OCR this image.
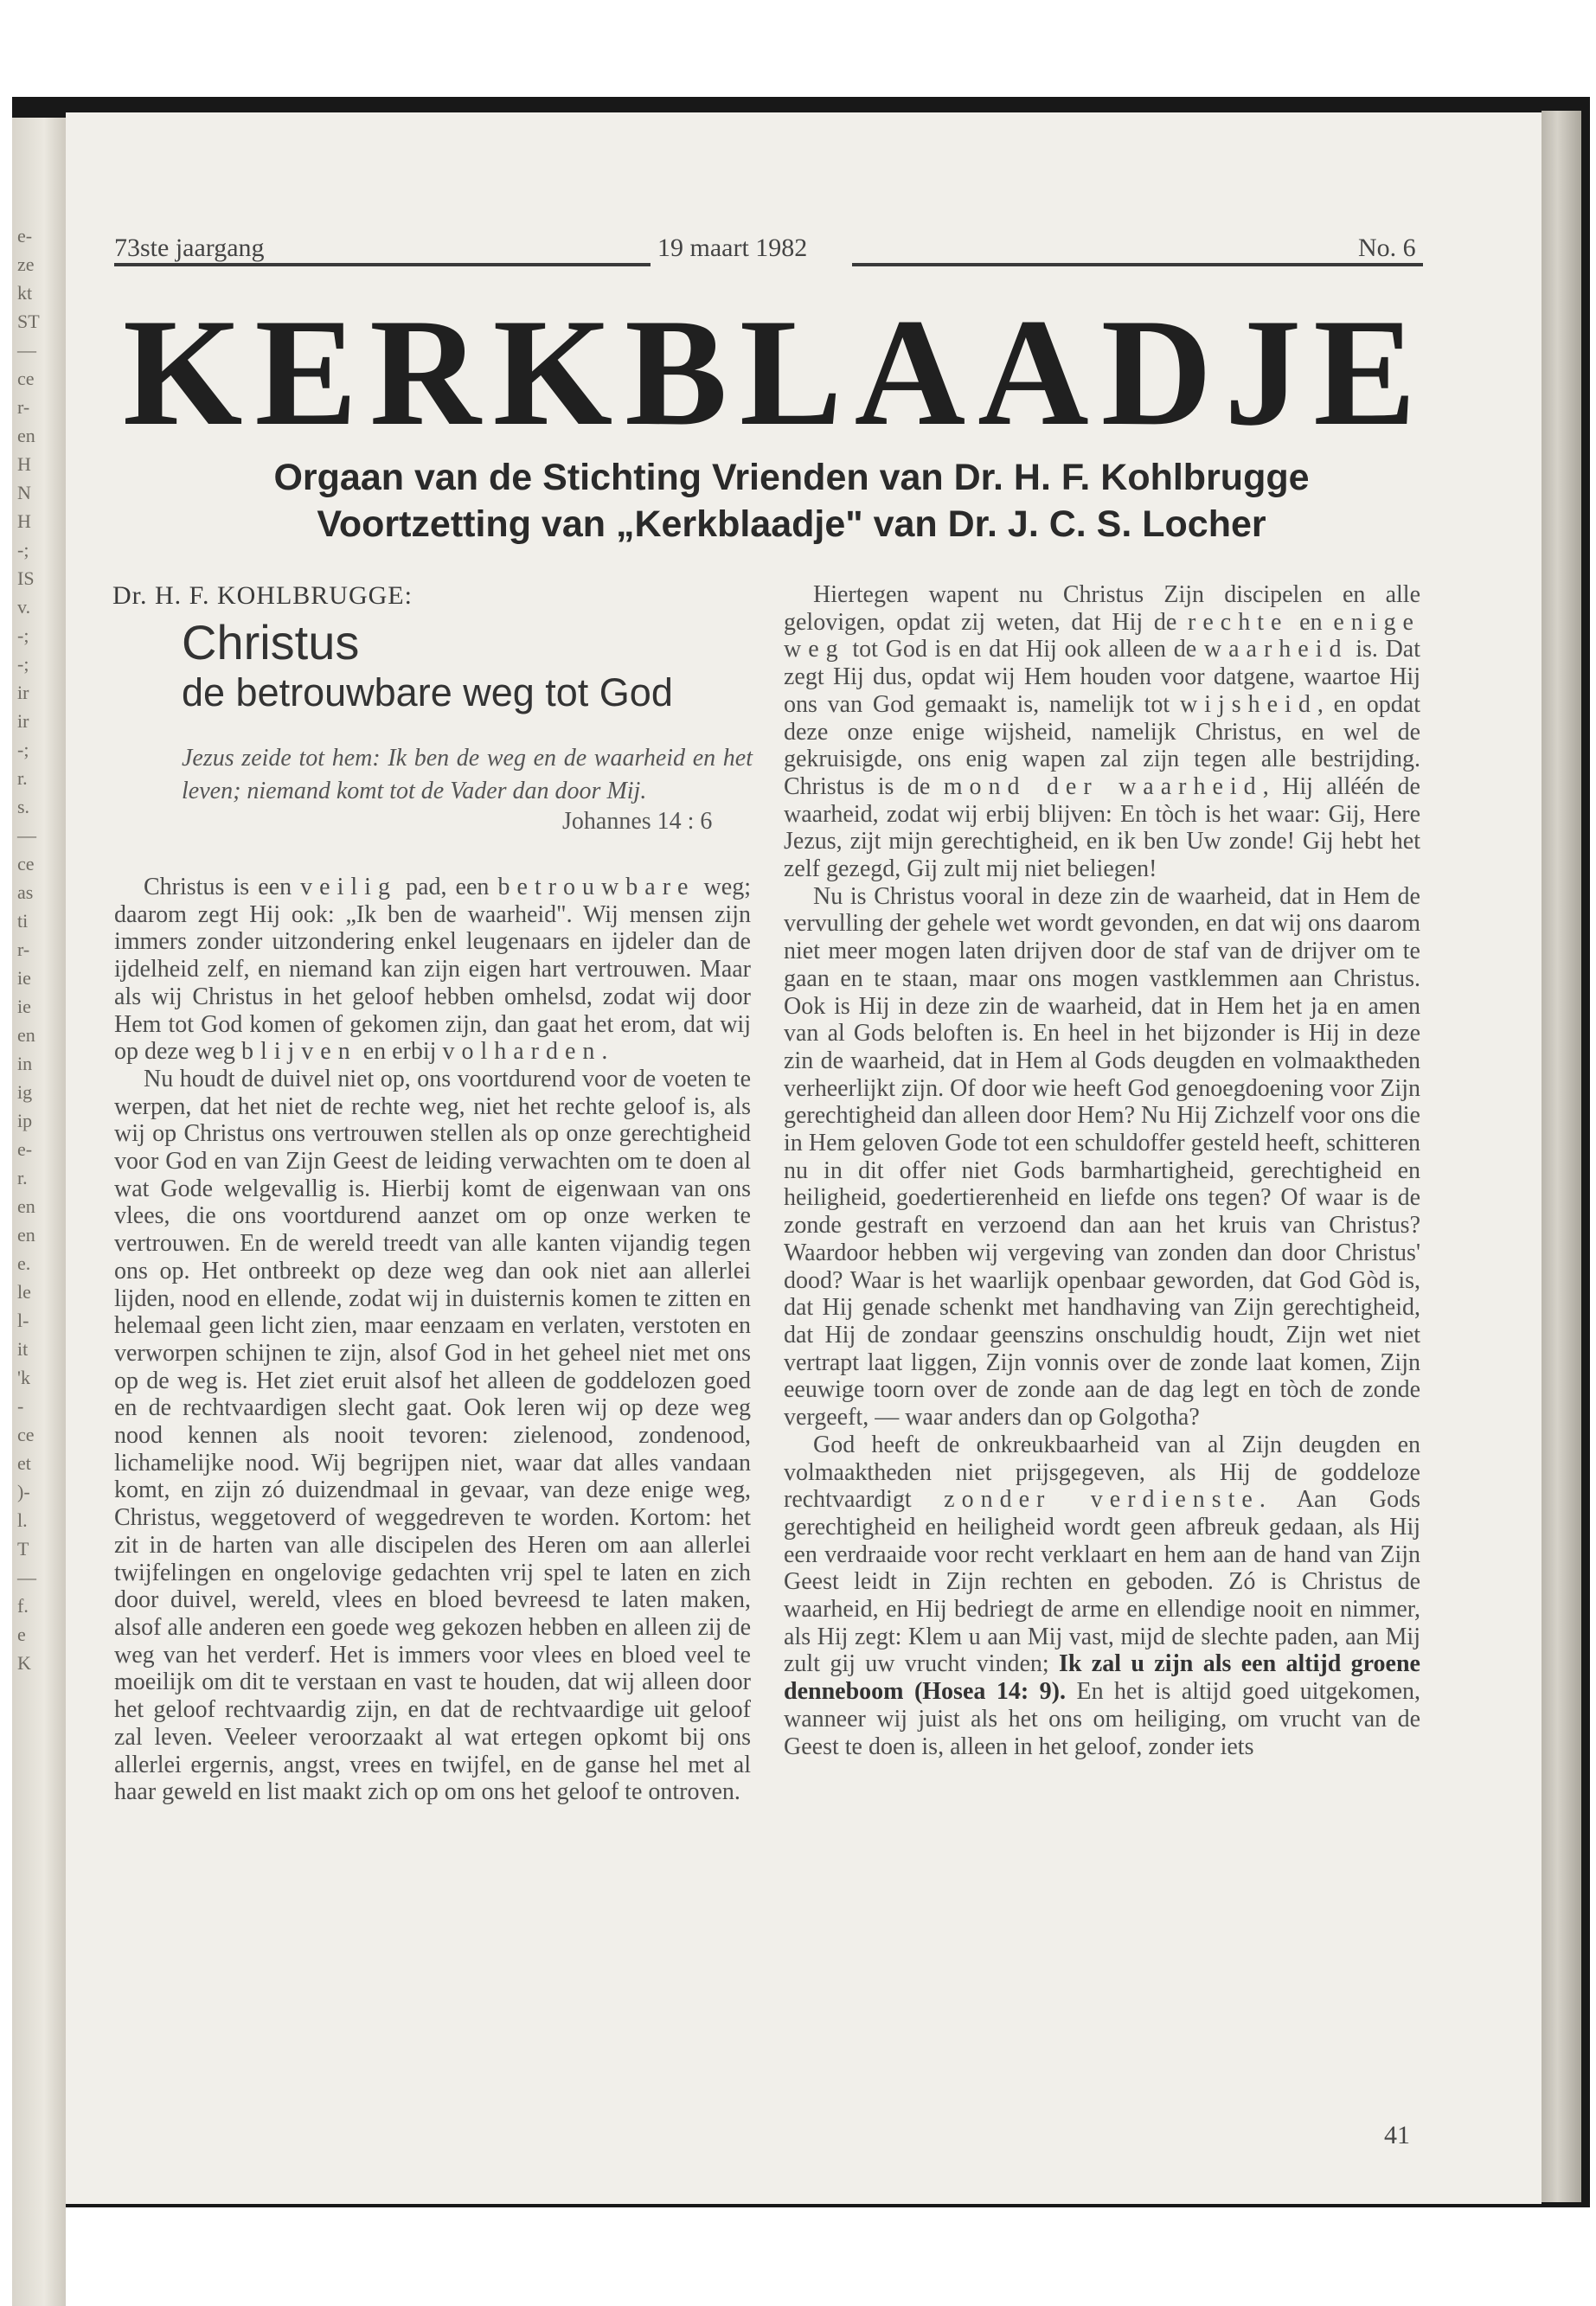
e-
ze
kt
ST
—
ce
r-
en
H
N
H
-;
IS
v.
-;
-;
ir
ir
-;
r.
s.
—
ce
as
ti
r-
ie
ie
en
in
ig
ip
e-
r.
en
en
e.
le
l-
it
'k
-
ce
et
)-
l.
T
—
f.
e
K
73ste jaargang	19 maart 1982	No. 6
KERKBLAADJE
Orgaan van de Stichting Vrienden van Dr. H. F. Kohlbrugge
Voortzetting van „Kerkblaadje" van Dr. J. C. S. Locher
Dr. H. F. KOHLBRUGGE:
Christus
de betrouwbare weg tot God
Jezus zeide tot hem: Ik ben de weg en de waarheid en het leven; niemand komt tot de Vader dan door Mij.
Johannes 14 : 6

Christus is een veilig pad, een betrouwbare weg; daarom zegt Hij ook: „Ik ben de waarheid". Wij mensen zijn immers zonder uitzondering enkel leugenaars en ijdeler dan de ijdelheid zelf, en niemand kan zijn eigen hart vertrouwen. Maar als wij Christus in het geloof hebben omhelsd, zodat wij door Hem tot God komen of gekomen zijn, dan gaat het erom, dat wij op deze weg blijven en erbij volharden.

Nu houdt de duivel niet op, ons voortdurend voor de voeten te werpen, dat het niet de rechte weg, niet het rechte geloof is, als wij op Christus ons vertrouwen stellen als op onze gerechtigheid voor God en van Zijn Geest de leiding verwachten om te doen al wat Gode welgevallig is. Hierbij komt de eigenwaan van ons vlees, die ons voortdurend aanzet om op onze werken te vertrouwen. En de wereld treedt van alle kanten vijandig tegen ons op. Het ontbreekt op deze weg dan ook niet aan allerlei lijden, nood en ellende, zodat wij in duisternis komen te zitten en helemaal geen licht zien, maar eenzaam en verlaten, verstoten en verworpen schijnen te zijn, alsof God in het geheel niet met ons op de weg is. Het ziet eruit alsof het alleen de goddelozen goed en de rechtvaardigen slecht gaat. Ook leren wij op deze weg nood kennen als nooit tevoren: zielenood, zondenood, lichamelijke nood. Wij begrijpen niet, waar dat alles vandaan komt, en zijn zó duizendmaal in gevaar, van deze enige weg, Christus, weggetoverd of weggedreven te worden. Kortom: het zit in de harten van alle discipelen des Heren om aan allerlei twijfelingen en ongelovige gedachten vrij spel te laten en zich door duivel, wereld, vlees en bloed bevreesd te laten maken, alsof alle anderen een goede weg gekozen hebben en alleen zij de weg van het verderf. Het is immers voor vlees en bloed veel te moeilijk om dit te verstaan en vast te houden, dat wij alleen door het geloof rechtvaardig zijn, en dat de rechtvaardige uit geloof zal leven. Veeleer veroorzaakt al wat ertegen opkomt bij ons allerlei ergernis, angst, vrees en twijfel, en de ganse hel met al haar geweld en list maakt zich op om ons het geloof te ontroven.

Hiertegen wapent nu Christus Zijn discipelen en alle gelovigen, opdat zij weten, dat Hij de rechte en enige weg tot God is en dat Hij ook alleen de waarheid is. Dat zegt Hij dus, opdat wij Hem houden voor datgene, waartoe Hij ons van God gemaakt is, namelijk tot wijsheid, en opdat deze onze enige wijsheid, namelijk Christus, en wel de gekruisigde, ons enig wapen zal zijn tegen alle bestrijding. Christus is de mond der waarheid, Hij alléén de waarheid, zodat wij erbij blijven: En tòch is het waar: Gij, Here Jezus, zijt mijn gerechtigheid, en ik ben Uw zonde! Gij hebt het zelf gezegd, Gij zult mij niet beliegen!

Nu is Christus vooral in deze zin de waarheid, dat in Hem de vervulling der gehele wet wordt gevonden, en dat wij ons daarom niet meer mogen laten drijven door de staf van de drijver om te gaan en te staan, maar ons mogen vastklemmen aan Christus. Ook is Hij in deze zin de waarheid, dat in Hem het ja en amen van al Gods beloften is. En heel in het bijzonder is Hij in deze zin de waarheid, dat in Hem al Gods deugden en volmaaktheden verheerlijkt zijn. Of door wie heeft God genoegdoening voor Zijn gerechtigheid dan alleen door Hem? Nu Hij Zichzelf voor ons die in Hem geloven Gode tot een schuldoffer gesteld heeft, schitteren nu in dit offer niet Gods barmhartigheid, gerechtigheid en heiligheid, goedertierenheid en liefde ons tegen? Of waar is de zonde gestraft en verzoend dan aan het kruis van Christus? Waardoor hebben wij vergeving van zonden dan door Christus' dood? Waar is het waarlijk openbaar geworden, dat God Gòd is, dat Hij genade schenkt met handhaving van Zijn gerechtigheid, dat Hij de zondaar geenszins onschuldig houdt, Zijn wet niet vertrapt laat liggen, Zijn vonnis over de zonde laat komen, Zijn eeuwige toorn over de zonde aan de dag legt en tòch de zonde vergeeft, — waar anders dan op Golgotha?

God heeft de onkreukbaarheid van al Zijn deugden en volmaaktheden niet prijsgegeven, als Hij de goddeloze rechtvaardigt zonder verdienste. Aan Gods gerechtigheid en heiligheid wordt geen afbreuk gedaan, als Hij een verdraaide voor recht verklaart en hem aan de hand van Zijn Geest leidt in Zijn rechten en geboden. Zó is Christus de waarheid, en Hij bedriegt de arme en ellendige nooit en nimmer, als Hij zegt: Klem u aan Mij vast, mijd de slechte paden, aan Mij zult gij uw vrucht vinden; Ik zal u zijn als een altijd groene denneboom (Hosea 14: 9). En het is altijd goed uitgekomen, wanneer wij juist als het ons om heiliging, om vrucht van de Geest te doen is, alleen in het geloof, zonder iets

41
